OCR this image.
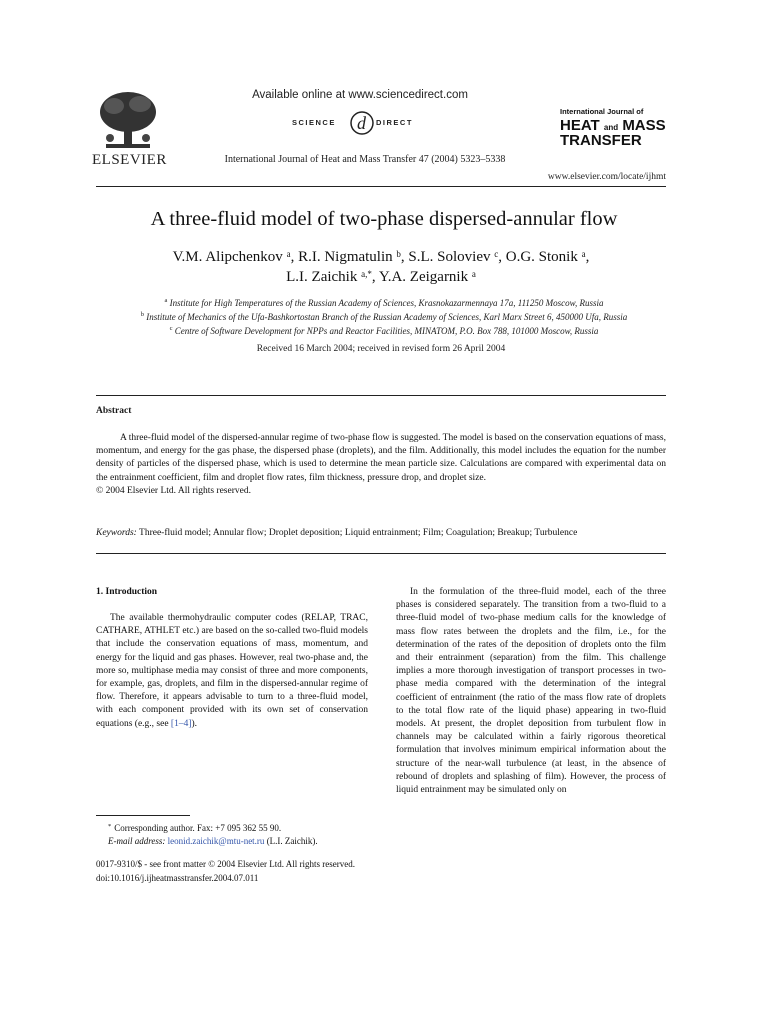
ELSEVIER
Available online at www.sciencedirect.com
SCIENCE d DIRECT
International Journal of Heat and Mass Transfer 47 (2004) 5323–5338
International Journal of
HEAT and MASS
TRANSFER
www.elsevier.com/locate/ijhmt
A three-fluid model of two-phase dispersed-annular flow
V.M. Alipchenkov $^a$, R.I. Nigmatulin $^b$, S.L. Soloviev $^c$, O.G. Stonik $^a$,
L.I. Zaichik $^{a,*}$, Y.A. Zeigarnik $^a$
$^a$ Institute for High Temperatures of the Russian Academy of Sciences, Krasnokazarmennaya 17a, 111250 Moscow, Russia
$^b$ Institute of Mechanics of the Ufa-Bashkortostan Branch of the Russian Academy of Sciences, Karl Marx Street 6, 450000 Ufa, Russia
$^c$ Centre of Software Development for NPPs and Reactor Facilities, MINATOM, P.O. Box 788, 101000 Moscow, Russia
Received 16 March 2004; received in revised form 26 April 2004
Abstract
A three-fluid model of the dispersed-annular regime of two-phase flow is suggested. The model is based on the conservation equations of mass, momentum, and energy for the gas phase, the dispersed phase (droplets), and the film. Additionally, this model includes the equation for the number density of particles of the dispersed phase, which is used to determine the mean particle size. Calculations are compared with experimental data on the entrainment coefficient, film and droplet flow rates, film thickness, pressure drop, and droplet size.
© 2004 Elsevier Ltd. All rights reserved.
Keywords: Three-fluid model; Annular flow; Droplet deposition; Liquid entrainment; Film; Coagulation; Breakup; Turbulence
1. Introduction
The available thermohydraulic computer codes (RELAP, TRAC, CATHARE, ATHLET etc.) are based on the so-called two-fluid models that include the conservation equations of mass, momentum, and energy for the liquid and gas phases. However, real two-phase and, the more so, multiphase media may consist of three and more components, for example, gas, droplets, and film in the dispersed-annular regime of flow. Therefore, it appears advisable to turn to a three-fluid model, with each component provided with its own set of conservation equations (e.g., see [1–4]).
In the formulation of the three-fluid model, each of the three phases is considered separately. The transition from a two-fluid to a three-fluid model of two-phase medium calls for the knowledge of mass flow rates between the droplets and the film, i.e., for the determination of the rates of the deposition of droplets onto the film and their entrainment (separation) from the film. This challenge implies a more thorough investigation of transport processes in two-phase media compared with the determination of the integral coefficient of entrainment (the ratio of the mass flow rate of droplets to the total flow rate of the liquid phase) appearing in two-fluid models. At present, the droplet deposition from turbulent flow in channels may be calculated within a fairly rigorous theoretical formulation that involves minimum empirical information about the structure of the near-wall turbulence (at least, in the absence of rebound of droplets and splashing of film). However, the process of liquid entrainment may be simulated only on
* Corresponding author. Fax: +7 095 362 55 90.
E-mail address: leonid.zaichik@mtu-net.ru (L.I. Zaichik).
0017-9310/$ - see front matter © 2004 Elsevier Ltd. All rights reserved.
doi:10.1016/j.ijheatmasstransfer.2004.07.011
